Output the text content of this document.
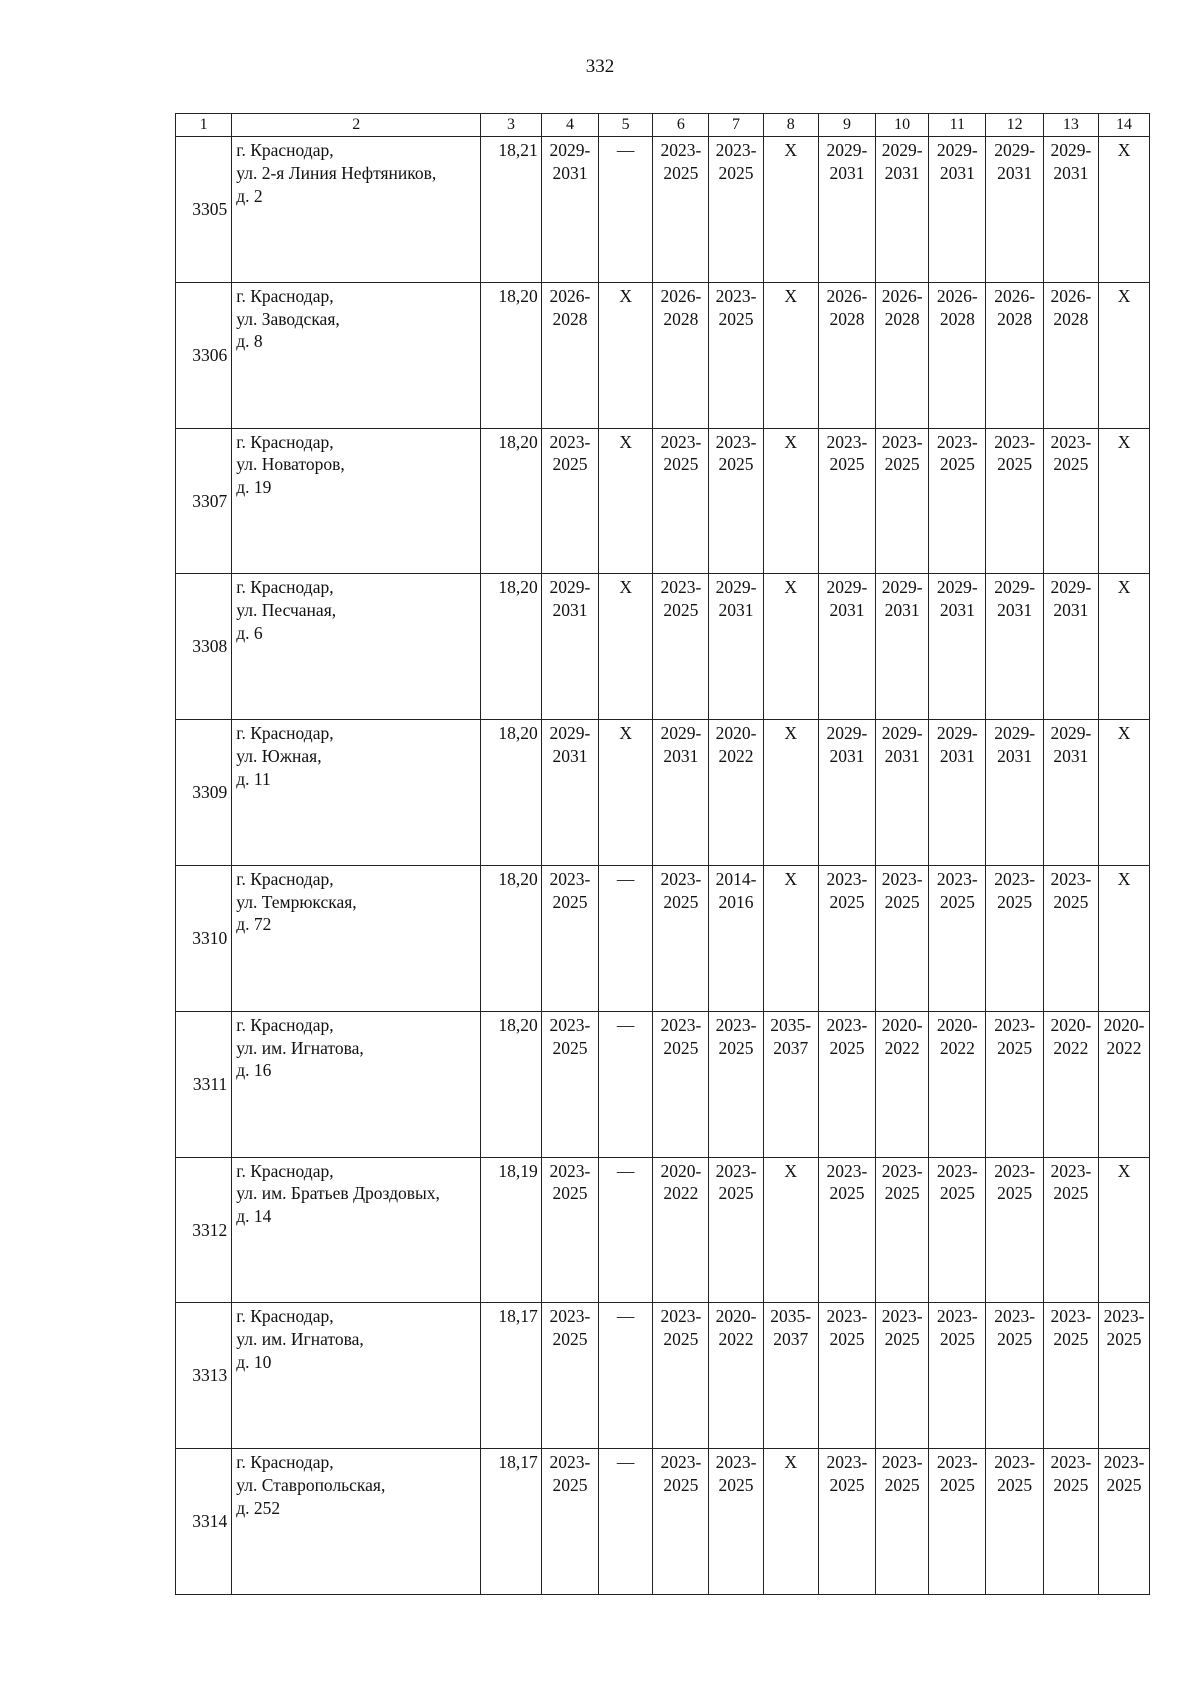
332
1	2	3	4	5	6	7	8	9	10	11	12	13	14
3305	г. Краснодар,
ул. 2-я Линия Нефтяников,
д. 2	18,21	2029-
2031	—	2023-
2025	2023-
2025	X	2029-
2031	2029-
2031	2029-
2031	2029-
2031	2029-
2031	X

3306	г. Краснодар,
ул. Заводская,
д. 8	18,20	2026-
2028	X	2026-
2028	2023-
2025	X	2026-
2028	2026-
2028	2026-
2028	2026-
2028	2026-
2028	X

3307	г. Краснодар,
ул. Новаторов,
д. 19	18,20	2023-
2025	X	2023-
2025	2023-
2025	X	2023-
2025	2023-
2025	2023-
2025	2023-
2025	2023-
2025	X

3308	г. Краснодар,
ул. Песчаная,
д. 6	18,20	2029-
2031	X	2023-
2025	2029-
2031	X	2029-
2031	2029-
2031	2029-
2031	2029-
2031	2029-
2031	X

3309	г. Краснодар,
ул. Южная,
д. 11	18,20	2029-
2031	X	2029-
2031	2020-
2022	X	2029-
2031	2029-
2031	2029-
2031	2029-
2031	2029-
2031	X

3310	г. Краснодар,
ул. Темрюкская,
д. 72	18,20	2023-
2025	—	2023-
2025	2014-
2016	X	2023-
2025	2023-
2025	2023-
2025	2023-
2025	2023-
2025	X

3311	г. Краснодар,
ул. им. Игнатова,
д. 16	18,20	2023-
2025	—	2023-
2025	2023-
2025	2035-
2037	2023-
2025	2020-
2022	2020-
2022	2023-
2025	2020-
2022	2020-
2022

3312	г. Краснодар,
ул. им. Братьев Дроздовых,
д. 14	18,19	2023-
2025	—	2020-
2022	2023-
2025	X	2023-
2025	2023-
2025	2023-
2025	2023-
2025	2023-
2025	X

3313	г. Краснодар,
ул. им. Игнатова,
д. 10	18,17	2023-
2025	—	2023-
2025	2020-
2022	2035-
2037	2023-
2025	2023-
2025	2023-
2025	2023-
2025	2023-
2025	2023-
2025

3314	г. Краснодар,
ул. Ставропольская,
д. 252	18,17	2023-
2025	—	2023-
2025	2023-
2025	X	2023-
2025	2023-
2025	2023-
2025	2023-
2025	2023-
2025	2023-
2025
